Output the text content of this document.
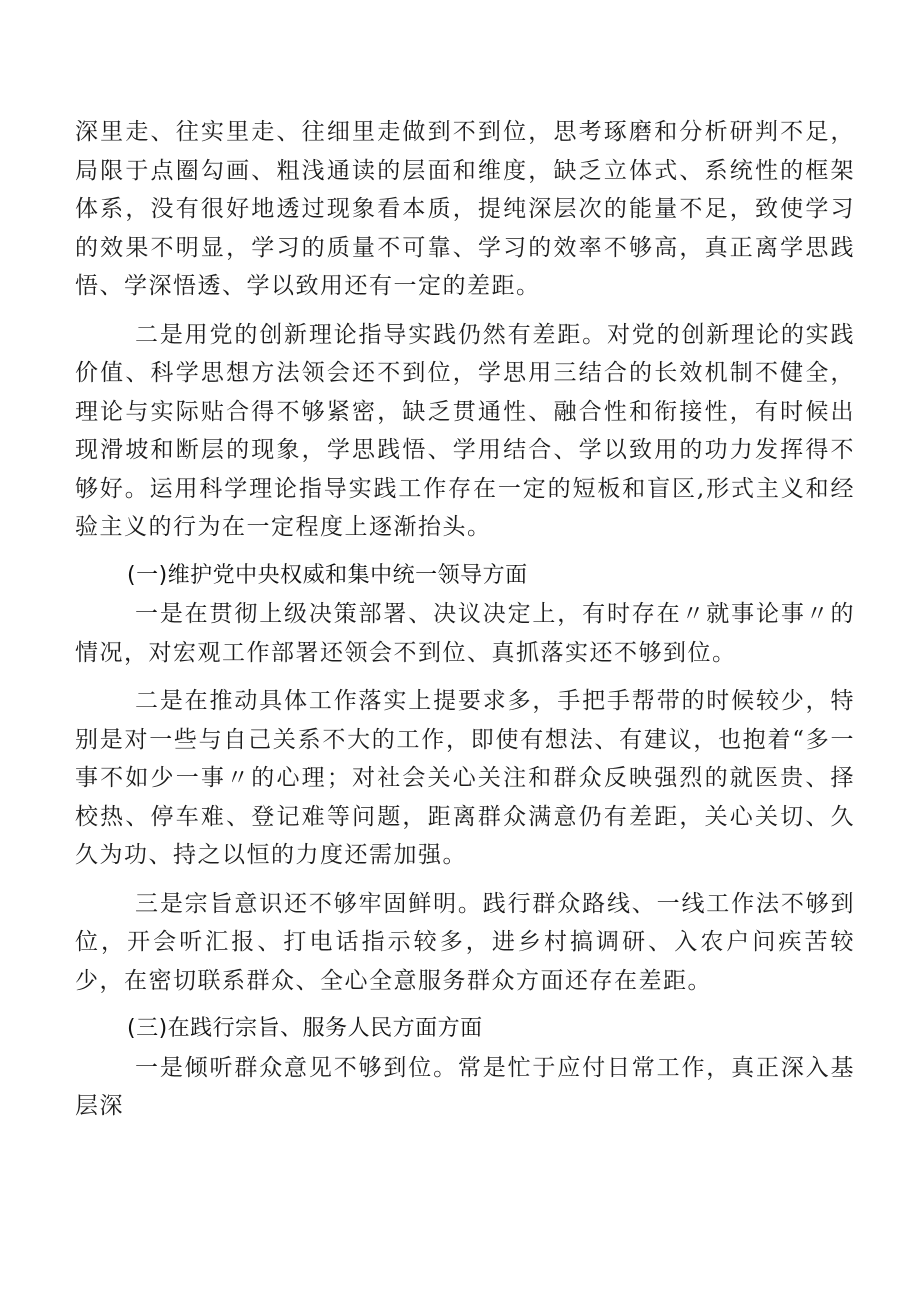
深里走、往实里走、往细里走做到不到位，思考琢磨和分析研判不足，局限于点圈勾画、粗浅通读的层面和维度，缺乏立体式、系统性的框架体系，没有很好地透过现象看本质，提纯深层次的能量不足，致使学习的效果不明显，学习的质量不可靠、学习的效率不够高，真正离学思践悟、学深悟透、学以致用还有一定的差距。

二是用党的创新理论指导实践仍然有差距。对党的创新理论的实践价值、科学思想方法领会还不到位，学思用三结合的长效机制不健全，理论与实际贴合得不够紧密，缺乏贯通性、融合性和衔接性，有时候出现滑坡和断层的现象，学思践悟、学用结合、学以致用的功力发挥得不够好。运用科学理论指导实践工作存在一定的短板和盲区,形式主义和经验主义的行为在一定程度上逐渐抬头。

(一)维护党中央权威和集中统一领导方面

一是在贯彻上级决策部署、决议决定上，有时存在〃就事论事〃的情况，对宏观工作部署还领会不到位、真抓落实还不够到位。

二是在推动具体工作落实上提要求多，手把手帮带的时候较少，特别是对一些与自己关系不大的工作，即使有想法、有建议，也抱着“多一事不如少一事〃的心理；对社会关心关注和群众反映强烈的就医贵、择校热、停车难、登记难等问题，距离群众满意仍有差距，关心关切、久久为功、持之以恒的力度还需加强。

三是宗旨意识还不够牢固鲜明。践行群众路线、一线工作法不够到位，开会听汇报、打电话指示较多，进乡村搞调研、入农户问疾苦较少，在密切联系群众、全心全意服务群众方面还存在差距。

(三)在践行宗旨、服务人民方面方面

一是倾听群众意见不够到位。常是忙于应付日常工作，真正深入基层深
